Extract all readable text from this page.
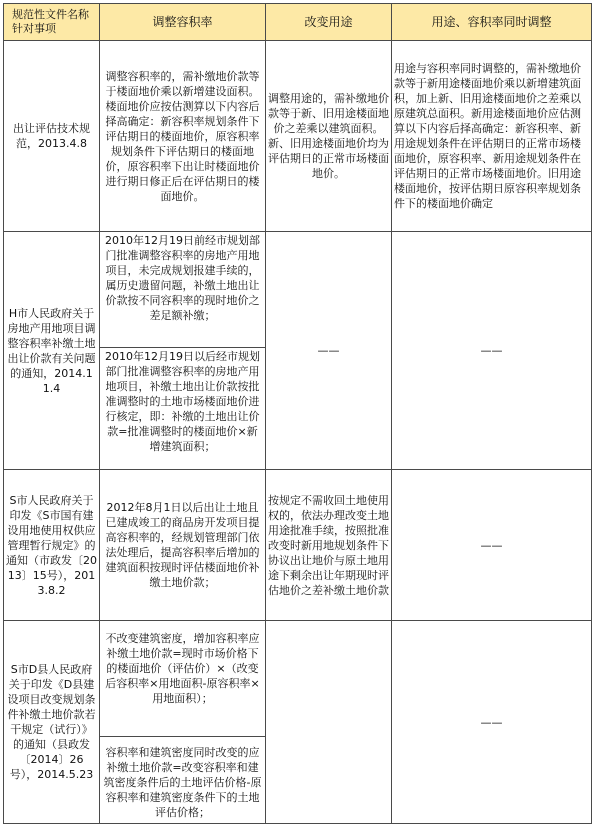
规范性文件名称针对事项	调整容积率	改变用途	用途、容积率同时调整
出让评估技术规范，2013.4.8	调整容积率的，需补缴地价款等于楼面地价乘以新增建设面积。楼面地价应按估测算以下内容后择高确定：新容积率规划条件下评估期日的楼面地价，原容积率规划条件下评估期日的楼面地价，原容积率下出让时楼面地价进行期日修正后在评估期日的楼面地价。	调整用途的，需补缴地价款等于新、旧用途楼面地价之差乘以建筑面积。新、旧用途楼面地价均为评估期日的正常市场楼面地价。	用途与容积率同时调整的，需补缴地价款等于新用途楼面地价乘以新增建筑面积，加上新、旧用途楼面地价之差乘以原建筑总面积。新用途楼面地价应估测算以下内容后择高确定：新容积率、新用途规划条件在评估期日的正常市场楼面地价，原容积率、新用途规划条件在评估期日的正常市场楼面地价。旧用途楼面地价，按评估期日原容积率规划条件下的楼面地价确定
H市人民政府关于房地产用地项目调整容积率补缴土地出让价款有关问题的通知，2014.11.4	2010年12月19日前经市规划部门批准调整容积率的房地产用地项目，未完成规划报建手续的，属历史遗留问题，补缴土地出让价款按不同容积率的现时地价之差足额补缴；
2010年12月19日以后经市规划部门批准调整容积率的房地产用地项目，补缴土地出让价款按批准调整时的土地市场楼面地价进行核定，即：补缴的土地出让价款=批准调整时的楼面地价×新增建筑面积；	——	——
S市人民政府关于印发《S市国有建设用地使用权供应管理暂行规定》的通知（市政发〔2013〕15号），2013.8.2	2012年8月1日以后出让土地且已建成竣工的商品房开发项目提高容积率的，经规划管理部门依法处理后，提高容积率后增加的建筑面积按现时评估楼面地价补缴土地价款；	按规定不需收回土地使用权的，依法办理改变土地用途批准手续，按照批准改变时新用地规划条件下协议出让地价与原土地用途下剩余出让年期现时评估地价之差补缴土地价款	——
S市D县人民政府关于印发《D县建设项目改变规划条件补缴土地价款若干规定（试行）》的通知（县政发〔2014〕26号），2014.5.23	不改变建筑密度，增加容积率应补缴土地价款=现时市场价格下的楼面地价（评估价）×（改变后容积率×用地面积-原容积率×用地面积）；
容积率和建筑密度同时改变的应补缴土地价款=改变容积率和建筑密度条件后的土地评估价格-原容积率和建筑密度条件下的土地评估价格；		——
